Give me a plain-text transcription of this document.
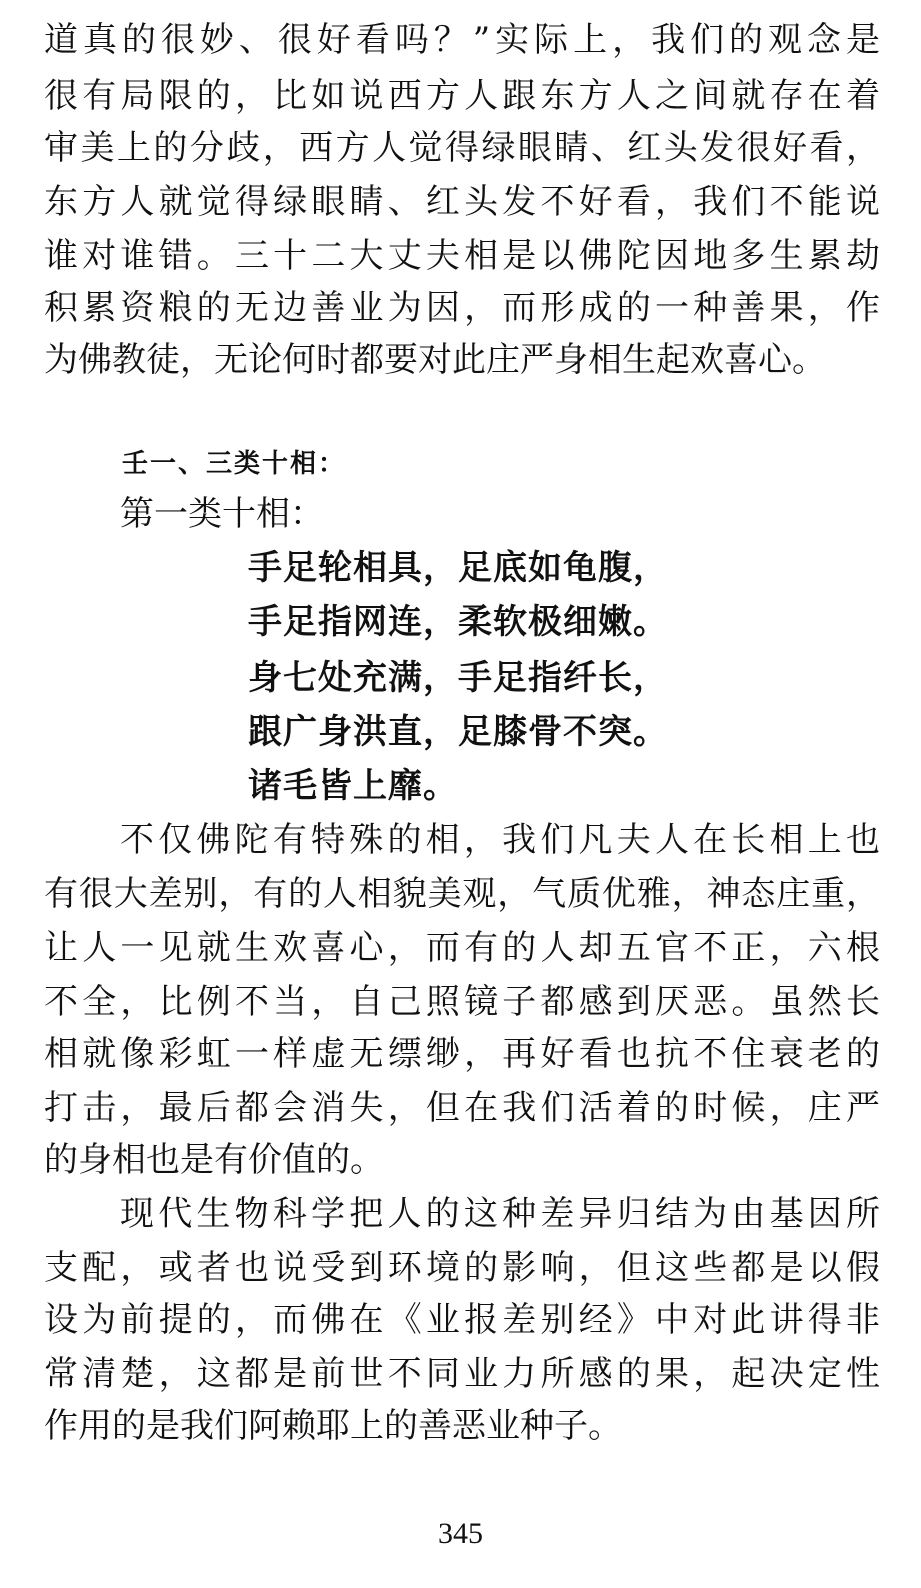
道真的很妙、很好看吗？”实际上，我们的观念是
很有局限的，比如说西方人跟东方人之间就存在着
审美上的分歧，西方人觉得绿眼睛、红头发很好看，
东方人就觉得绿眼睛、红头发不好看，我们不能说
谁对谁错。三十二大丈夫相是以佛陀因地多生累劫
积累资粮的无边善业为因，而形成的一种善果，作
为佛教徒，无论何时都要对此庄严身相生起欢喜心。
壬一、三类十相：
第一类十相：
手足轮相具，足底如龟腹，
手足指网连，柔软极细嫩。
身七处充满，手足指纤长，
跟广身洪直，足膝骨不突。
诸毛皆上靡。
不仅佛陀有特殊的相，我们凡夫人在长相上也
有很大差别，有的人相貌美观，气质优雅，神态庄重，
让人一见就生欢喜心，而有的人却五官不正，六根
不全，比例不当，自己照镜子都感到厌恶。虽然长
相就像彩虹一样虚无缥缈，再好看也抗不住衰老的
打击，最后都会消失，但在我们活着的时候，庄严
的身相也是有价值的。
现代生物科学把人的这种差异归结为由基因所
支配，或者也说受到环境的影响，但这些都是以假
设为前提的，而佛在《业报差别经》中对此讲得非
常清楚，这都是前世不同业力所感的果，起决定性
作用的是我们阿赖耶上的善恶业种子。
345
